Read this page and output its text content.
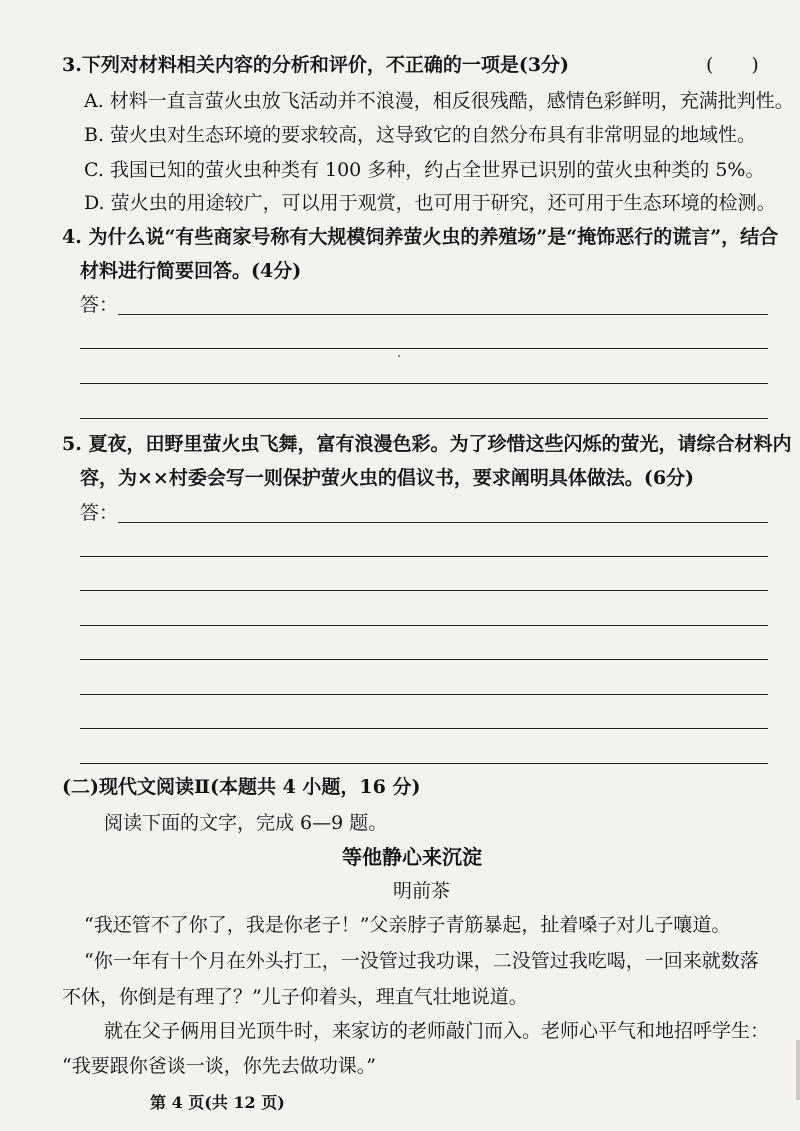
3.下列对材料相关内容的分析和评价，不正确的一项是(3分)	(　　)
A. 材料一直言萤火虫放飞活动并不浪漫，相反很残酷，感情色彩鲜明，充满批判性。
B. 萤火虫对生态环境的要求较高，这导致它的自然分布具有非常明显的地域性。
C. 我国已知的萤火虫种类有 100 多种，约占全世界已识别的萤火虫种类的 5%。
D. 萤火虫的用途较广，可以用于观赏，也可用于研究，还可用于生态环境的检测。
4. 为什么说“有些商家号称有大规模饲养萤火虫的养殖场”是“掩饰恶行的谎言”，结合
材料进行简要回答。(4分)
答：
5. 夏夜，田野里萤火虫飞舞，富有浪漫色彩。为了珍惜这些闪烁的萤光，请综合材料内
容，为××村委会写一则保护萤火虫的倡议书，要求阐明具体做法。(6分)
答：
(二)现代文阅读Ⅱ(本题共 4 小题，16 分)
阅读下面的文字，完成 6—9 题。
等他静心来沉淀
明前茶
“我还管不了你了，我是你老子！”父亲脖子青筋暴起，扯着嗓子对儿子嚷道。
“你一年有十个月在外头打工，一没管过我功课，二没管过我吃喝，一回来就数落
不休，你倒是有理了？”儿子仰着头，理直气壮地说道。
就在父子俩用目光顶牛时，来家访的老师敲门而入。老师心平气和地招呼学生：
“我要跟你爸谈一谈，你先去做功课。”
第 4 页(共 12 页)
